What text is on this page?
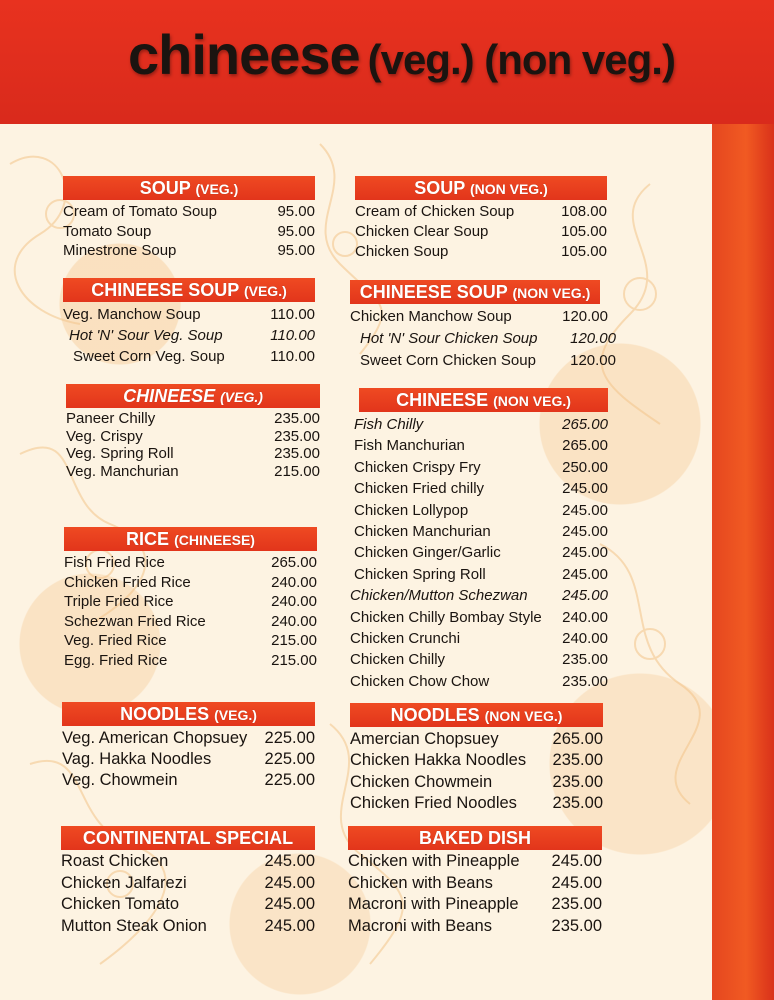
chineese (veg.) (non veg.)
SOUP (VEG.)
Cream of Tomato Soup	95.00
Tomato Soup	95.00
Minestrone Soup	95.00
CHINEESE SOUP (VEG.)
Veg. Manchow Soup	110.00
Hot 'N' Sour Veg. Soup	110.00
Sweet Corn Veg. Soup	110.00
CHINEESE (VEG.)
Paneer Chilly	235.00
Veg. Crispy	235.00
Veg. Spring Roll	235.00
Veg. Manchurian	215.00
RICE (CHINEESE)
Fish Fried Rice	265.00
Chicken Fried Rice	240.00
Triple Fried Rice	240.00
Schezwan Fried Rice	240.00
Veg. Fried Rice	215.00
Egg. Fried Rice	215.00
NOODLES (VEG.)
Veg. American Chopsuey 225.00
Vag. Hakka Noodles	225.00
Veg. Chowmein	225.00
CONTINENTAL SPECIAL
Roast Chicken	245.00
Chicken Jalfarezi	245.00
Chicken Tomato	245.00
Mutton Steak Onion	245.00
SOUP (NON VEG.)
Cream of Chicken Soup	108.00
Chicken Clear Soup	105.00
Chicken Soup	105.00
CHINEESE SOUP (NON VEG.)
Chicken Manchow Soup	120.00
Hot 'N' Sour Chicken Soup 120.00
Sweet Corn Chicken Soup 120.00
CHINEESE (NON VEG.)
Fish Chilly	265.00
Fish Manchurian	265.00
Chicken Crispy Fry	250.00
Chicken Fried chilly	245.00
Chicken Lollypop	245.00
Chicken Manchurian	245.00
Chicken Ginger/Garlic	245.00
Chicken Spring Roll	245.00
Chicken/Mutton Schezwan 245.00
Chicken Chilly Bombay Style 240.00
Chicken Crunchi	240.00
Chicken Chilly	235.00
Chicken Chow Chow	235.00
NOODLES (NON VEG.)
Amercian Chopsuey	265.00
Chicken Hakka Noodles 235.00
Chicken Chowmein	235.00
Chicken Fried Noodles 235.00
BAKED DISH
Chicken with Pineapple 245.00
Chicken with Beans	245.00
Macroni with Pineapple 235.00
Macroni with Beans	235.00
